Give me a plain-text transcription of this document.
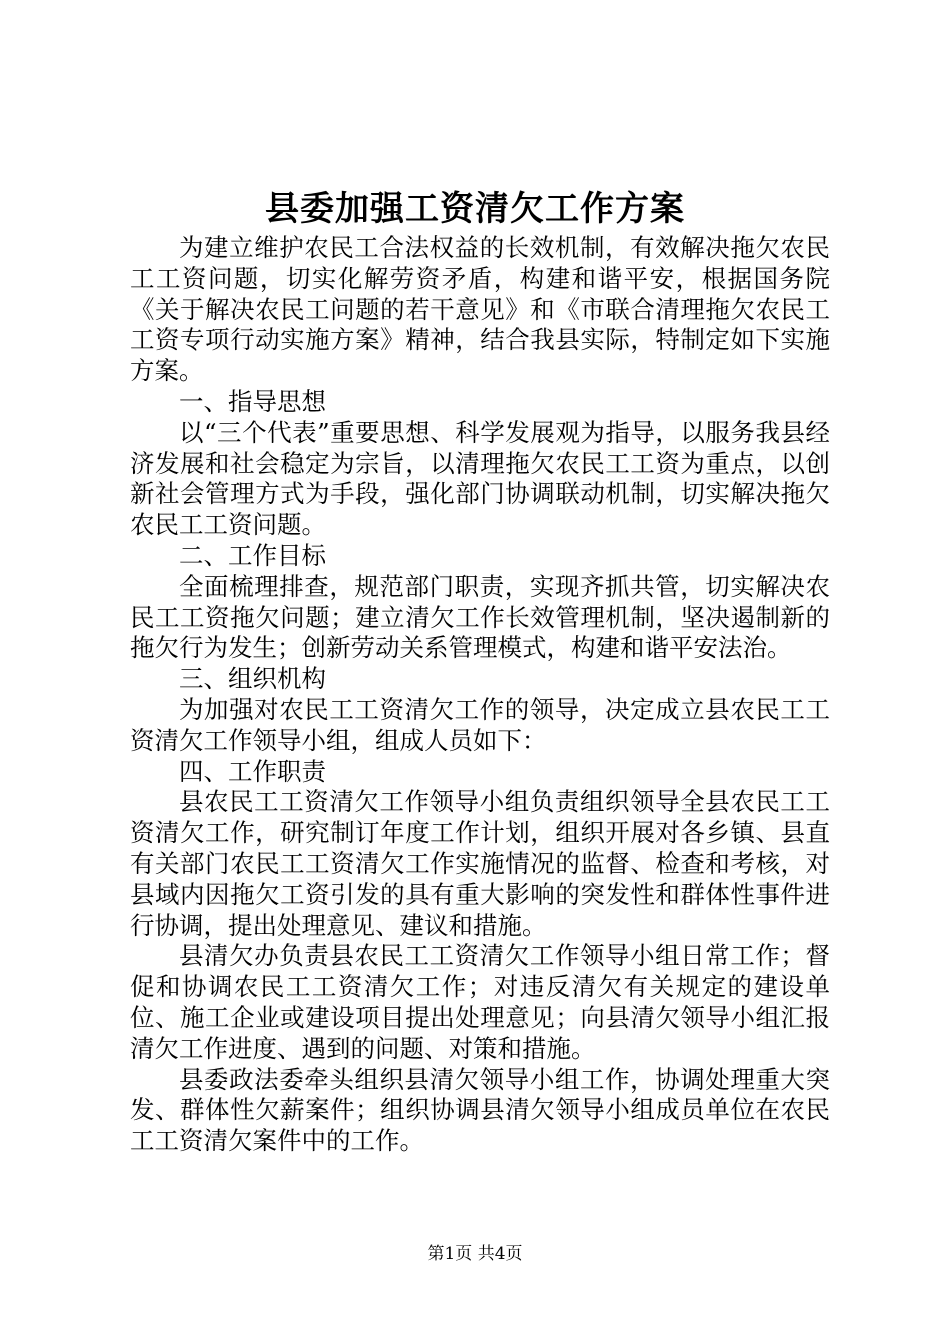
县委加强工资清欠工作方案

为建立维护农民工合法权益的长效机制，有效解决拖欠农民工工资问题，切实化解劳资矛盾，构建和谐平安，根据国务院《关于解决农民工问题的若干意见》和《市联合清理拖欠农民工工资专项行动实施方案》精神，结合我县实际，特制定如下实施方案。

一、指导思想

以“三个代表”重要思想、科学发展观为指导，以服务我县经济发展和社会稳定为宗旨，以清理拖欠农民工工资为重点，以创新社会管理方式为手段，强化部门协调联动机制，切实解决拖欠农民工工资问题。

二、工作目标

全面梳理排查，规范部门职责，实现齐抓共管，切实解决农民工工资拖欠问题；建立清欠工作长效管理机制，坚决遏制新的拖欠行为发生；创新劳动关系管理模式，构建和谐平安法治。

三、组织机构

为加强对农民工工资清欠工作的领导，决定成立县农民工工资清欠工作领导小组，组成人员如下：

四、工作职责

县农民工工资清欠工作领导小组负责组织领导全县农民工工资清欠工作，研究制订年度工作计划，组织开展对各乡镇、县直有关部门农民工工资清欠工作实施情况的监督、检查和考核，对县域内因拖欠工资引发的具有重大影响的突发性和群体性事件进行协调，提出处理意见、建议和措施。

县清欠办负责县农民工工资清欠工作领导小组日常工作；督促和协调农民工工资清欠工作；对违反清欠有关规定的建设单位、施工企业或建设项目提出处理意见；向县清欠领导小组汇报清欠工作进度、遇到的问题、对策和措施。

县委政法委牵头组织县清欠领导小组工作，协调处理重大突发、群体性欠薪案件；组织协调县清欠领导小组成员单位在农民工工资清欠案件中的工作。

第1页 共4页
